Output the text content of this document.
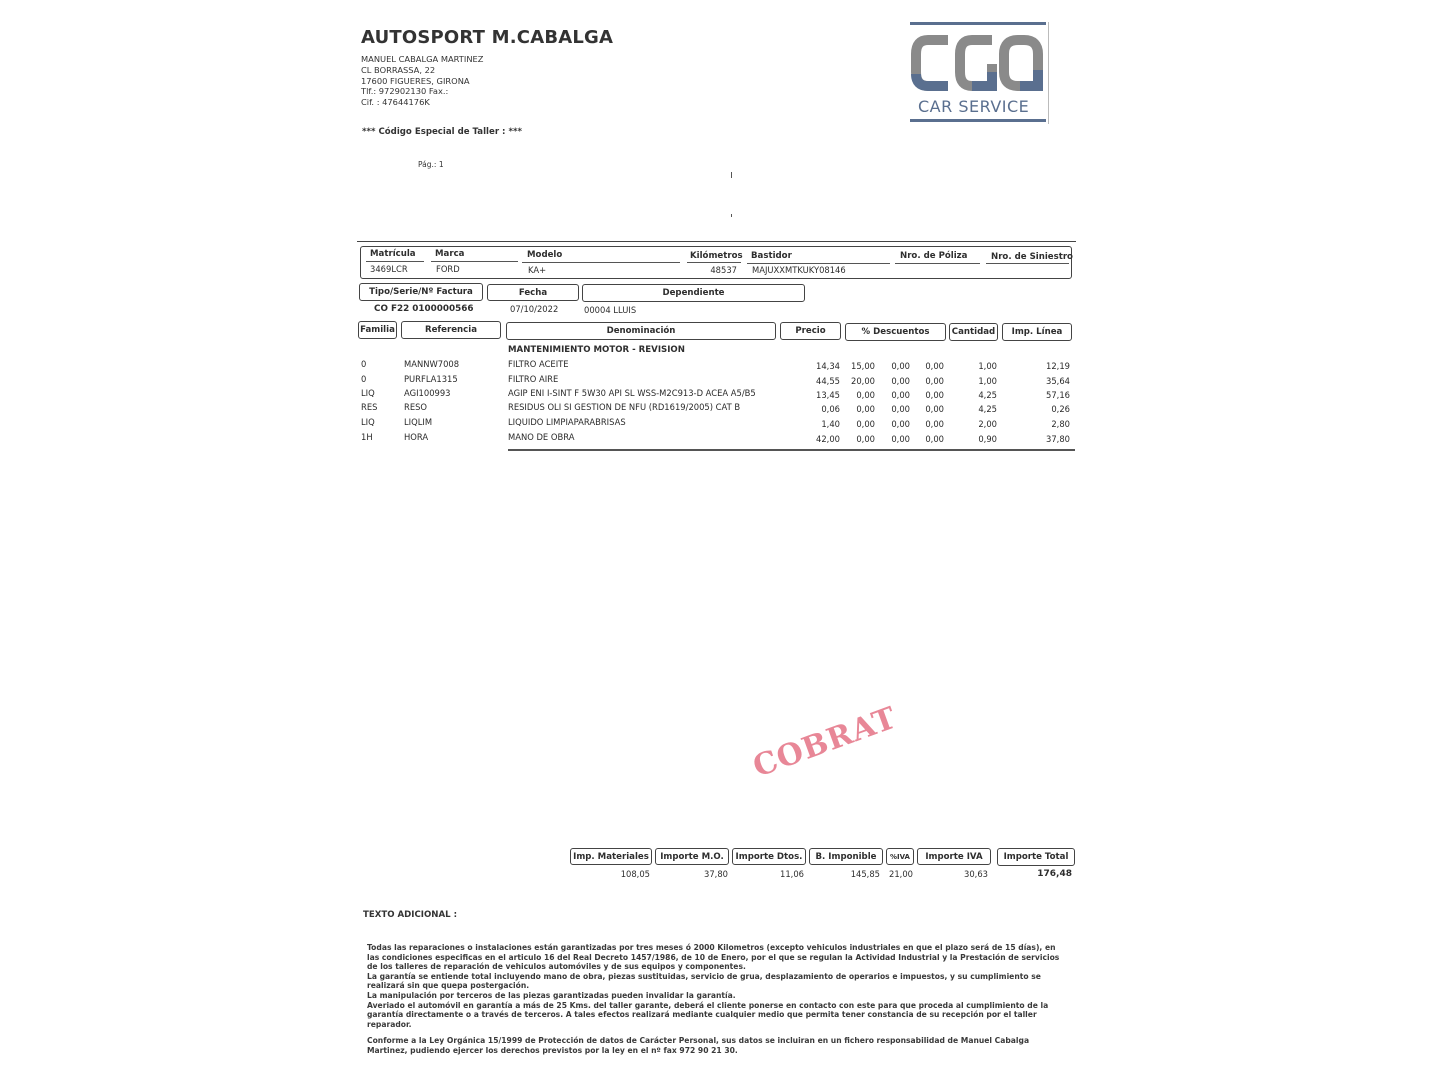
AUTOSPORT M.CABALGA
MANUEL CABALGA MARTINEZ
CL BORRASSA, 22
17600 FIGUERES, GIRONA
Tlf.: 972902130 Fax.:
Cif. : 47644176K
*** Código Especial de Taller : ***
Pág.: 1
CAR SERVICE
Matrícula Marca	Modelo	Kilómetros Bastidor	Nro. de Póliza	Nro. de Siniestro
3469LCR	FORD	KA+	48537 MAJUXXMTKUKY08146
Tipo/Serie/Nº Factura	Fecha	Dependiente
CO F22 0100000566	07/10/2022	00004 LLUIS
Familia	Referencia	Denominación	Precio	% Descuentos	Cantidad	Imp. Línea
MANTENIMIENTO MOTOR - REVISION
0	MANNW7008	FILTRO ACEITE	14,34	15,00	0,00	0,00	1,00	12,19
0	PURFLA1315	FILTRO AIRE	44,55	20,00	0,00	0,00	1,00	35,64
LIQ	AGI100993	AGIP ENI I-SINT F 5W30 API SL WSS-M2C913-D ACEA A5/B5	13,45	0,00	0,00	0,00	4,25	57,16
RES	RESO	RESIDUS OLI SI GESTION DE NFU (RD1619/2005) CAT B	0,06	0,00	0,00	0,00	4,25	0,26
LIQ	LIQLIM	LIQUIDO LIMPIAPARABRISAS	1,40	0,00	0,00	0,00	2,00	2,80
1H	HORA	MANO DE OBRA	42,00	0,00	0,00	0,00	0,90	37,80
COBRAT
Imp. Materiales	Importe M.O.	Importe Dtos.	B. Imponible	%IVA	Importe IVA	Importe Total
108,05	37,80	11,06	145,85 21,00	30,63	176,48
TEXTO ADICIONAL :

Todas las reparaciones o instalaciones están garantizadas por tres meses ó 2000 Kilometros (excepto vehiculos industriales en que el plazo será de 15 días), en las condiciones especificas en el articulo 16 del Real Decreto 1457/1986, de 10 de Enero, por el que se regulan la Actividad Industrial y la Prestación de servicios de los talleres de reparación de vehiculos automóviles y de sus equipos y componentes.

La garantía se entiende total incluyendo mano de obra, piezas sustituidas, servicio de grua, desplazamiento de operarios e impuestos, y su cumplimiento se realizará sin que quepa postergación.

La manipulación por terceros de las piezas garantizadas pueden invalidar la garantía.

Averiado el automóvil en garantía a más de 25 Kms. del taller garante, deberá el cliente ponerse en contacto con este para que proceda al cumplimiento de la garantía directamente o a través de terceros. A tales efectos realizará mediante cualquier medio que permita tener constancia de su recepción por el taller reparador.

Conforme a la Ley Orgánica 15/1999 de Protección de datos de Carácter Personal, sus datos se incluiran en un fichero responsabilidad de Manuel Cabalga Martinez, pudiendo ejercer los derechos previstos por la ley en el nº fax 972 90 21 30.
